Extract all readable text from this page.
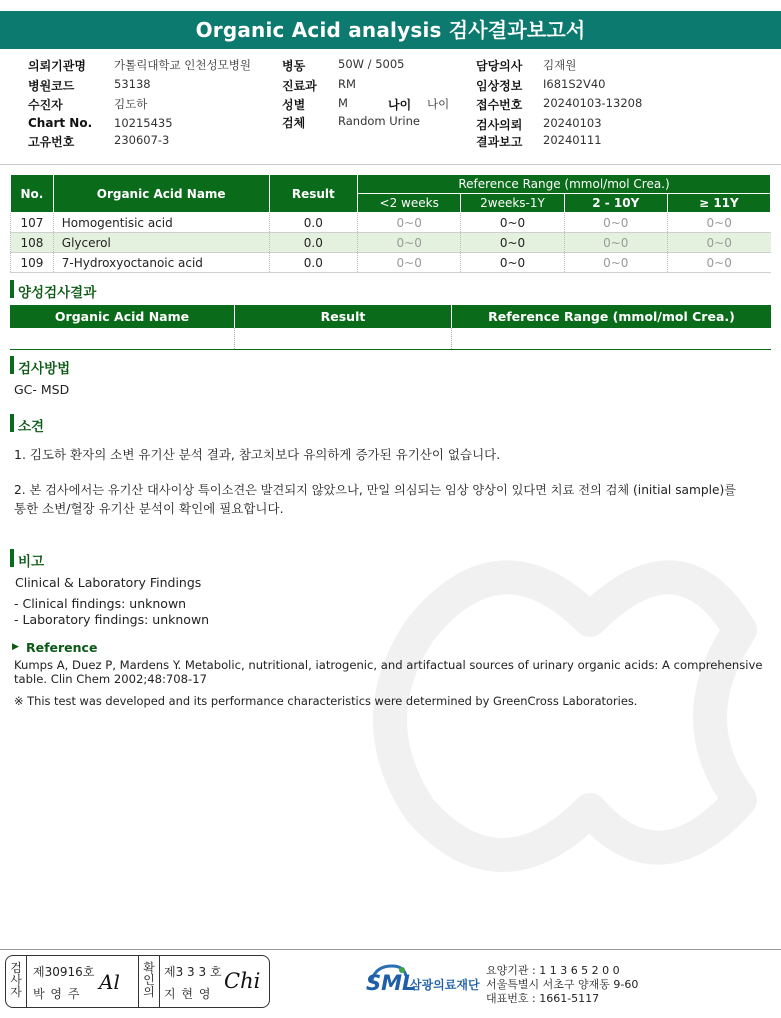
Organic Acid analysis 검사결과보고서
의뢰기관명 가톨릭대학교 인천성모병원
병원코드	53138
수진자	김도하
Chart No. 10215435
고유번호	230607-3
병동	50W / 5005
진료과 RM
성별	M	나이 나이
검체	Random Urine
담당의사 김재원
임상정보 I681S2V40
접수번호 20240103-13208
검사의뢰 20240103
결과보고 20240111
No.	Organic Acid Name	Result	Reference Range (mmol/mol Crea.)			
			<2 weeks	2weeks-1Y	2 - 10Y	≥ 11Y
107	Homogentisic acid	0.0	0~0	0~0	0~0	0~0
108	Glycerol	0.0	0~0	0~0	0~0	0~0
109	7-Hydroxyoctanoic acid	0.0	0~0	0~0	0~0	0~0
양성검사결과
Organic Acid Name	Result	Reference Range (mmol/mol Crea.)

검사방법
GC- MSD
소견
1. 김도하 환자의 소변 유기산 분석 결과, 참고치보다 유의하게 증가된 유기산이 없습니다.
2. 본 검사에서는 유기산 대사이상 특이소견은 발견되지 않았으나, 만일 의심되는 임상 양상이 있다면 치료 전의 검체 (initial sample)를
통한 소변/혈장 유기산 분석이 확인에 필요합니다.
비고
Clinical & Laboratory Findings
- Clinical findings: unknown
- Laboratory findings: unknown
▶ Reference
Kumps A, Duez P, Mardens Y. Metabolic, nutritional, iatrogenic, and artifactual sources of urinary organic acids: A comprehensive
table. Clin Chem 2002;48:708-17
※ This test was developed and its performance characteristics were determined by GreenCross Laboratories.
검
사
자
제30916호
박 영 주 Al
확
인
의
제3 3 3 호
지 현 영
Chi	SML
삼광의료재단
요양기관 : 1 1 3 6 5 2 0 0
서울특별시 서초구 양재동 9-60
대표번호 : 1661-5117
